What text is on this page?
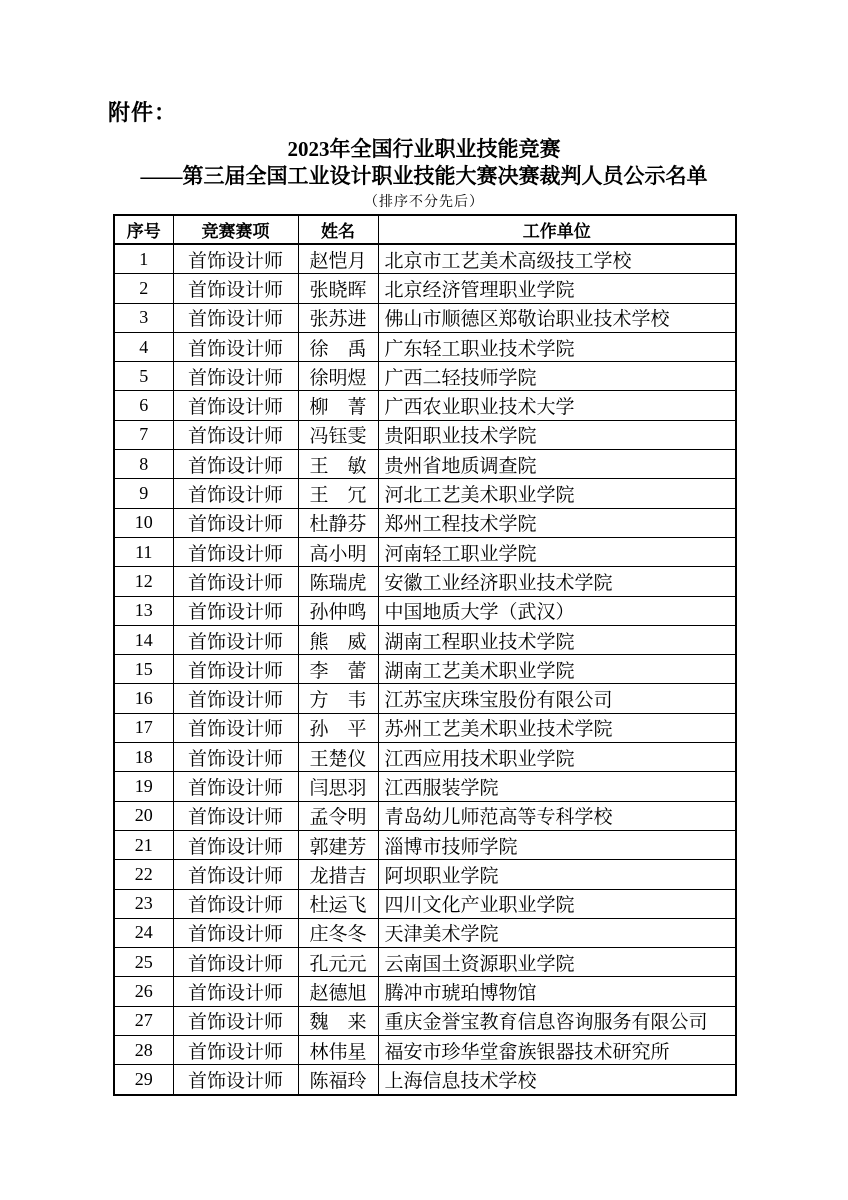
附件：
2023年全国行业职业技能竞赛
——第三届全国工业设计职业技能大赛决赛裁判人员公示名单
（排序不分先后）
序号	竞赛赛项	姓名	工作单位
1	首饰设计师	赵恺月	北京市工艺美术高级技工学校
2	首饰设计师	张晓晖	北京经济管理职业学院
3	首饰设计师	张苏进	佛山市顺德区郑敬诒职业技术学校
4	首饰设计师	徐　禹	广东轻工职业技术学院
5	首饰设计师	徐明煜	广西二轻技师学院
6	首饰设计师	柳　菁	广西农业职业技术大学
7	首饰设计师	冯钰雯	贵阳职业技术学院
8	首饰设计师	王　敏	贵州省地质调查院
9	首饰设计师	王　冗	河北工艺美术职业学院
10	首饰设计师	杜静芬	郑州工程技术学院
11	首饰设计师	高小明	河南轻工职业学院
12	首饰设计师	陈瑞虎	安徽工业经济职业技术学院
13	首饰设计师	孙仲鸣	中国地质大学（武汉）
14	首饰设计师	熊　威	湖南工程职业技术学院
15	首饰设计师	李　蕾	湖南工艺美术职业学院
16	首饰设计师	方　韦	江苏宝庆珠宝股份有限公司
17	首饰设计师	孙　平	苏州工艺美术职业技术学院
18	首饰设计师	王楚仪	江西应用技术职业学院
19	首饰设计师	闫思羽	江西服装学院
20	首饰设计师	孟令明	青岛幼儿师范高等专科学校
21	首饰设计师	郭建芳	淄博市技师学院
22	首饰设计师	龙措吉	阿坝职业学院
23	首饰设计师	杜运飞	四川文化产业职业学院
24	首饰设计师	庄冬冬	天津美术学院
25	首饰设计师	孔元元	云南国土资源职业学院
26	首饰设计师	赵德旭	腾冲市琥珀博物馆
27	首饰设计师	魏　来	重庆金誉宝教育信息咨询服务有限公司
28	首饰设计师	林伟星	福安市珍华堂畲族银器技术研究所
29	首饰设计师	陈福玲	上海信息技术学校
